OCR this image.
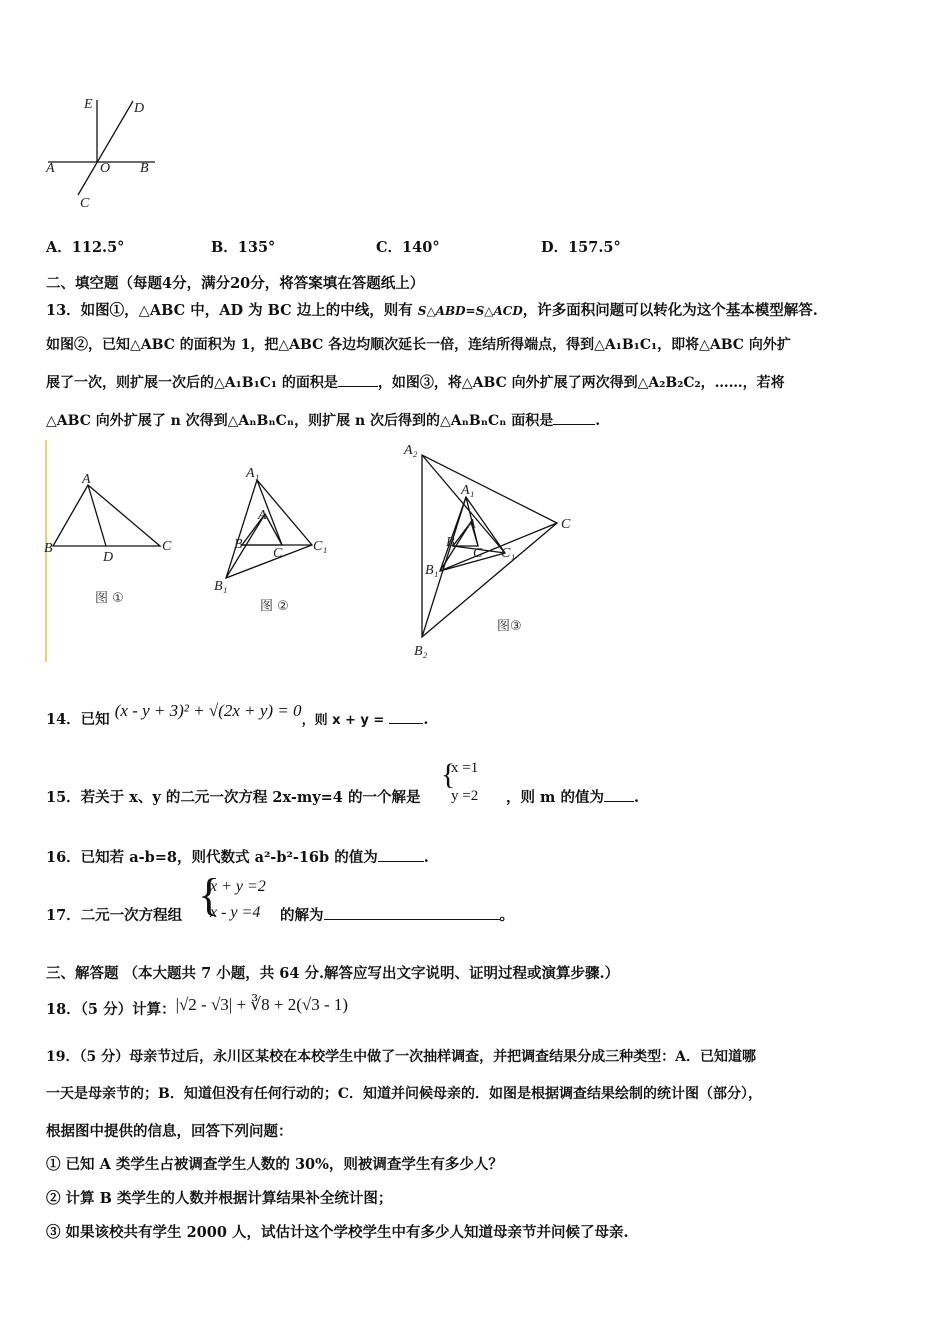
E	D
A	O B
C
A．112.5°	B．135°	C．140°	D．157.5°
二、填空题（每题4分，满分20分，将答案填在答题纸上）
13．如图①，△ABC 中，AD 为 BC 边上的中线，则有 S△ABD=S△ACD，许多面积问题可以转化为这个基本模型解答.
如图②，已知△ABC 的面积为 1，把△ABC 各边均顺次延长一倍，连结所得端点，得到△A₁B₁C₁，即将△ABC 向外扩
展了一次，则扩展一次后的△A₁B₁C₁ 的面积是	，如图③，将△ABC 向外扩展了两次得到△A₂B₂C₂，……，若将
△ABC 向外扩展了 n 次得到△AₙBₙCₙ，则扩展 n 次后得到的△AₙBₙCₙ 面积是	.
A
B	C
D
图 ①
A₁
A
B
C
B₁
C₁
图 ②
A₂
A₁
A
B
C
B₁
C₁
C
B₂
图③
14．已知 (x - y + 3)² + √(2x + y) = 0，则 x + y =	.
15．若关于 x、y 的二元一次方程 2x-my=4 的一个解是
{
x =1
y =2 ，则 m 的值为 .
16．已知若 a-b=8，则代数式 a²-b²-16b 的值为	.
17．二元一次方程组 {
x + y =2
x - y =4 的解为	。
三、解答题 （本大题共 7 小题，共 64 分.解答应写出文字说明、证明过程或演算步骤.）
18．（5 分）计算：|√2 - √3| + ∛8 + 2(√3 - 1)
19．（5 分）母亲节过后，永川区某校在本校学生中做了一次抽样调查，并把调查结果分成三种类型：A．已知道哪
一天是母亲节的；B．知道但没有任何行动的；C．知道并问候母亲的．如图是根据调查结果绘制的统计图（部分），
根据图中提供的信息，回答下列问题：
① 已知 A 类学生占被调查学生人数的 30%，则被调查学生有多少人？
② 计算 B 类学生的人数并根据计算结果补全统计图；
③ 如果该校共有学生 2000 人，试估计这个学校学生中有多少人知道母亲节并问候了母亲.
